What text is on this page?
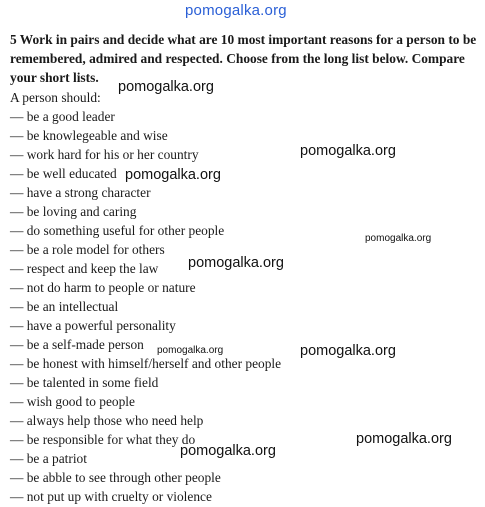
pomogalka.org

5 Work in pairs and decide what are 10 most important reasons for a person to be remembered, admired and respected. Choose from the long list below. Compare your short lists.

A person should:
— be a good leader
— be knowlegeable and wise
— work hard for his or her country
— be well educated
— have a strong character
— be loving and caring
— do something useful for other people
— be a role model for others
— respect and keep the law
— not do harm to people or nature
— be an intellectual
— have a powerful personality
— be a self-made person
— be honest with himself/herself and other people
— be talented in some field
— wish good to people
— always help those who need help
— be responsible for what they do
— be a patriot
— be abble to see through other people
— not put up with cruelty or violence
pomogalka.org
pomogalka.org
pomogalka.org
pomogalka.org
pomogalka.org
pomogalka.org	pomogalka.org
pomogalka.org
pomogalka.org
